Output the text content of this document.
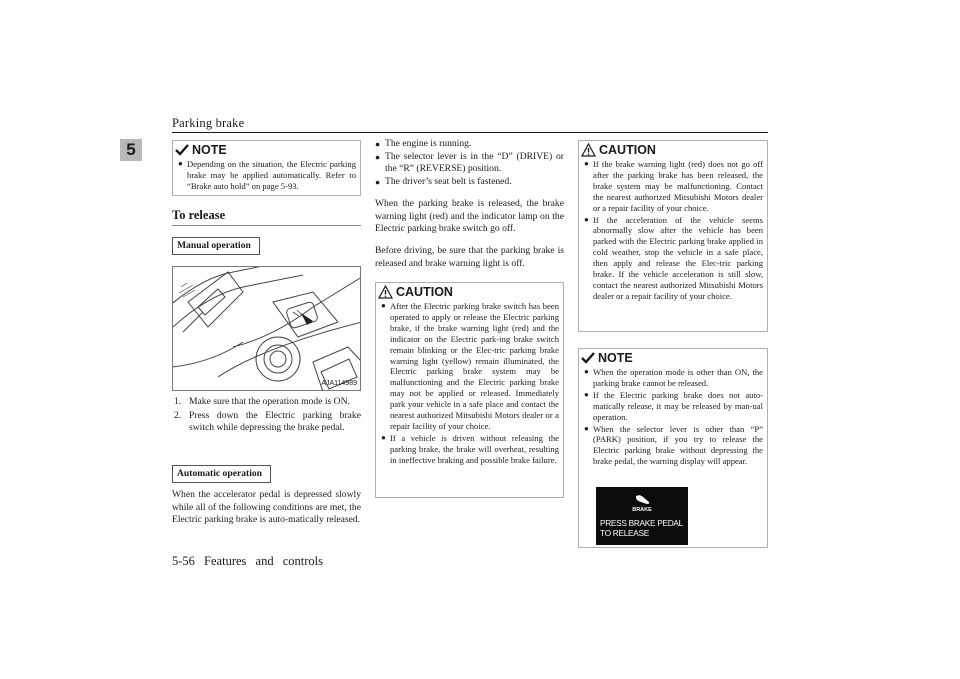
Parking brake
5
5-56 Features and controls
NOTE
● Depending on the situation, the Electric parking brake may be applied automatically. Refer to “Brake auto hold” on page 5-93.
To release
Manual operation
AJA114989
1. Make sure that the operation mode is ON.
2. Press down the Electric parking brake switch while depressing the brake pedal.
Automatic operation
When the accelerator pedal is depressed slowly while all of the following conditions are met, the Electric parking brake is auto-matically released.
● The engine is running.
● The selector lever is in the “D” (DRIVE) or the “R” (REVERSE) position.
● The driver’s seat belt is fastened.
When the parking brake is released, the brake warning light (red) and the indicator lamp on the Electric parking brake switch go off.
Before driving, be sure that the parking brake is released and brake warning light is off.
CAUTION
● After the Electric parking brake switch has been operated to apply or release the Electric parking brake, if the brake warning light (red) and the indicator on the Electric park-ing brake switch remain blinking or the Elec-tric parking brake warning light (yellow) remain illuminated, the Electric parking brake system may be malfunctioning and the Electric parking brake may not be applied or released. Immediately park your vehicle in a safe place and contact the nearest authorized Mitsubishi Motors dealer or a repair facility of your choice.
● If a vehicle is driven without releasing the parking brake, the brake will overheat, resulting in ineffective braking and possible brake failure.
CAUTION
● If the brake warning light (red) does not go off after the parking brake has been released, the brake system may be malfunctioning. Contact the nearest authorized Mitsubishi Motors dealer or a repair facility of your choice.
● If the acceleration of the vehicle seems abnormally slow after the vehicle has been parked with the Electric parking brake applied in cold weather, stop the vehicle in a safe place, then apply and release the Elec-tric parking brake. If the vehicle acceleration is still slow, contact the nearest authorized Mitsubishi Motors dealer or a repair facility of your choice.
NOTE
● When the operation mode is other than ON, the parking brake cannot be released.
● If the Electric parking brake does not auto-matically release, it may be released by man-ual operation.
● When the selector lever is other than “P” (PARK) position, if you try to release the Electric parking brake without depressing the brake pedal, the warning display will appear.
BRAKE
PRESS BRAKE PEDAL
TO RELEASE
